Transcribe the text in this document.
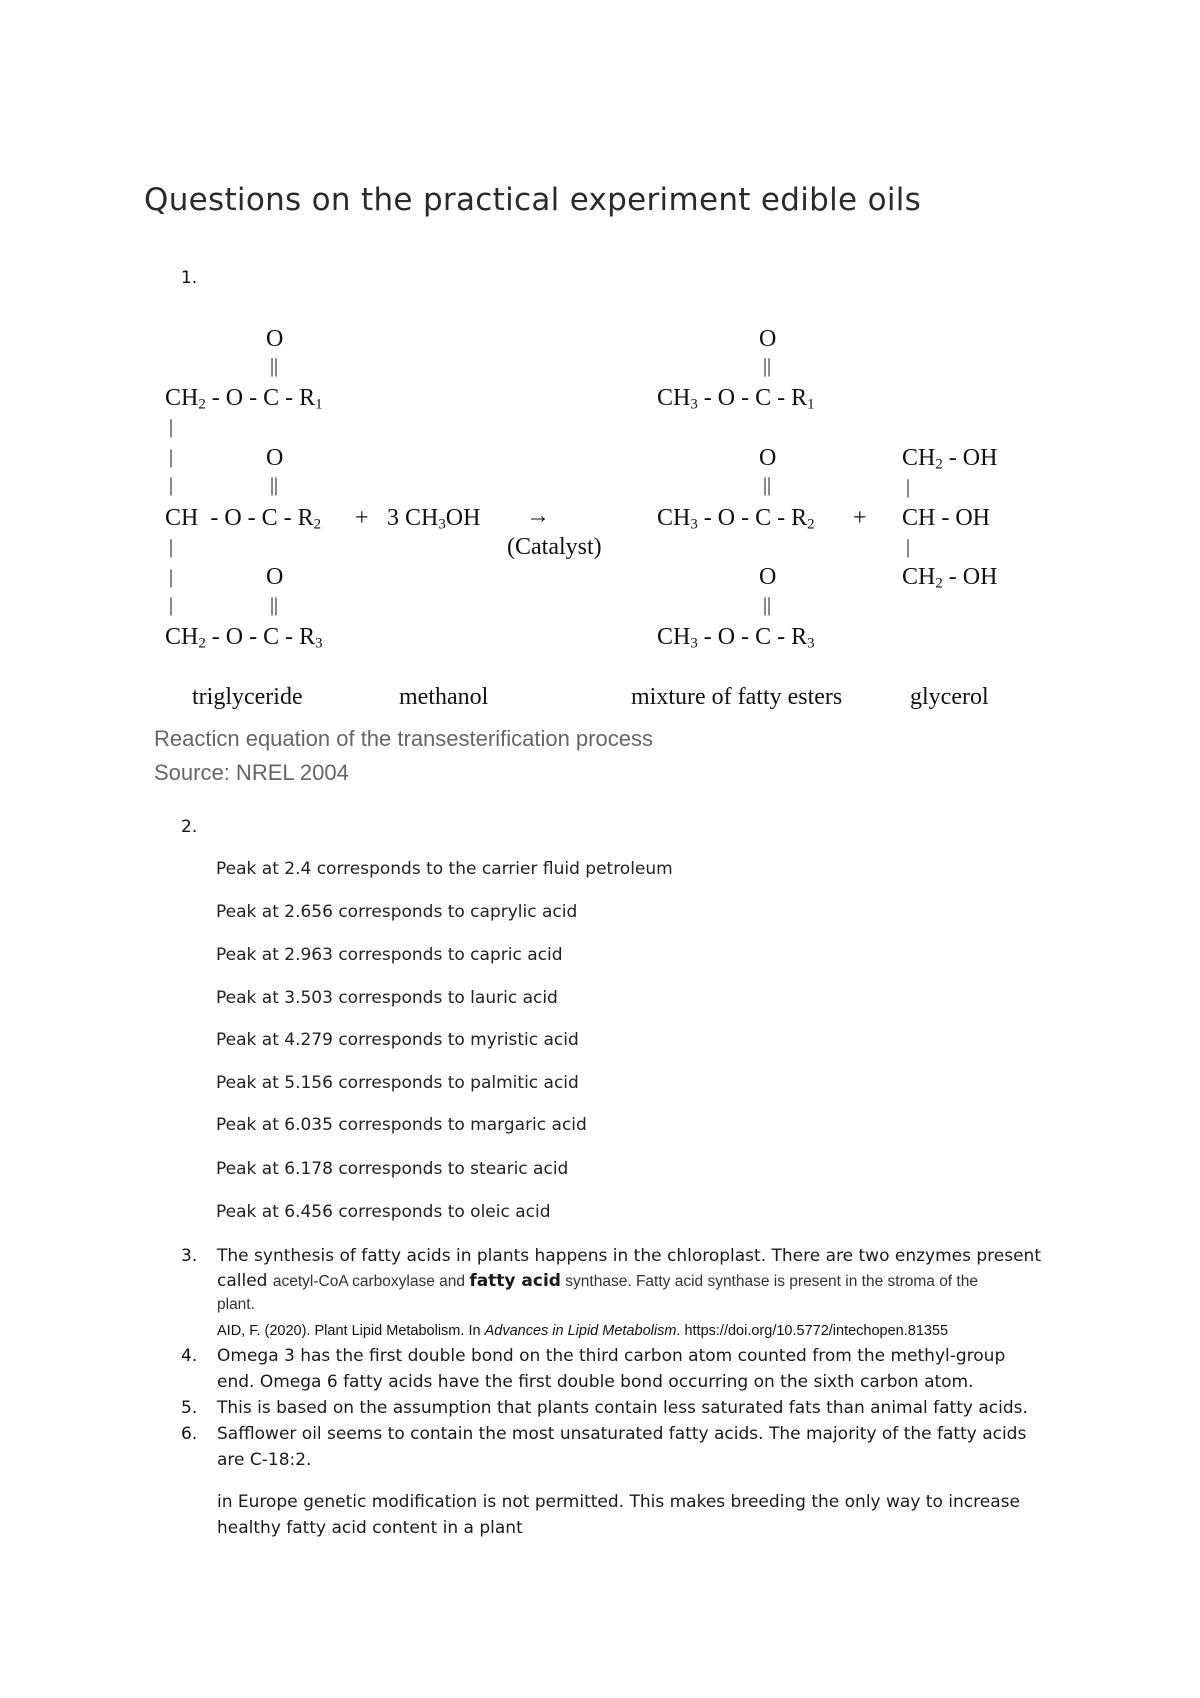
Questions on the practical experiment edible oils
1.
O
||
$CH_2$ - O - C - $R_1$
|
|	O
|	||
CH  - $O - C - R_2 + 3$ $CH_3OH$
|
|	O
|	||
$CH_2$ - O - C - $R_3$
→
(Catalyst)
O
||
$CH_3$ - O - C - $R_1$
O
||
$CH_3$ - O - C - $R_2$ +
O
||
$CH_3$ - O - C - $R_3$
$CH_2$ - OH
|
CH - OH
|
$CH_2$ - OH
triglyceride	methanol	mixture of fatty esters	glycerol
Reacticn equation of the transesterification process
Source: NREL 2004
2.
Peak at 2.4 corresponds to the carrier fluid petroleum
Peak at 2.656 corresponds to caprylic acid
Peak at 2.963 corresponds to capric acid
Peak at 3.503 corresponds to lauric acid
Peak at 4.279 corresponds to myristic acid
Peak at 5.156 corresponds to palmitic acid
Peak at 6.035 corresponds to margaric acid
Peak at 6.178 corresponds to stearic acid
Peak at 6.456 corresponds to oleic acid
3. The synthesis of fatty acids in plants happens in the chloroplast. There are two enzymes present
called acetyl-CoA carboxylase and fatty acid synthase. Fatty acid synthase is present in the stroma of the
plant.
AID, F. (2020). Plant Lipid Metabolism. In Advances in Lipid Metabolism. https://doi.org/10.5772/intechopen.81355
4. Omega 3 has the first double bond on the third carbon atom counted from the methyl-group
end. Omega 6 fatty acids have the first double bond occurring on the sixth carbon atom.
5. This is based on the assumption that plants contain less saturated fats than animal fatty acids.
6. Safflower oil seems to contain the most unsaturated fatty acids. The majority of the fatty acids
are C-18:2.
in Europe genetic modification is not permitted. This makes breeding the only way to increase
healthy fatty acid content in a plant
